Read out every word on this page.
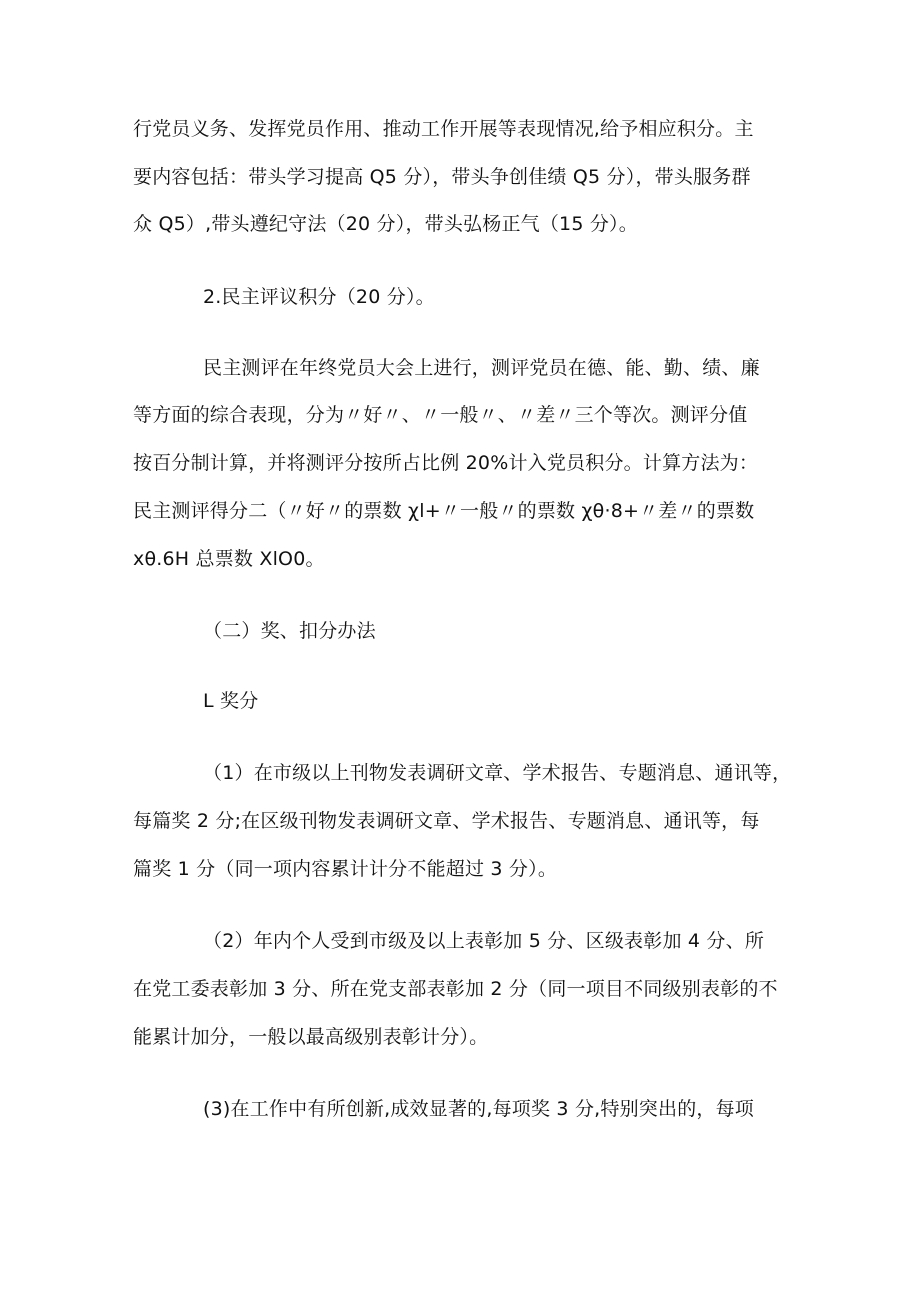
行党员义务、发挥党员作用、推动工作开展等表现情况,给予相应积分。主
要内容包括：带头学习提高 Q5 分），带头争创佳绩 Q5 分），带头服务群
众 Q5）,带头遵纪守法（20 分），带头弘杨正气（15 分）。
2.民主评议积分（20 分）。
民主测评在年终党员大会上进行，测评党员在德、能、勤、绩、廉
等方面的综合表现，分为〃好〃、〃一般〃、〃差〃三个等次。测评分值
按百分制计算，并将测评分按所占比例 20%计入党员积分。计算方法为：
民主测评得分二（〃好〃的票数 χl+〃一般〃的票数 χθ·8+〃差〃的票数
xθ.6H 总票数 XlO0。
（二）奖、扣分办法
L 奖分
（1）在市级以上刊物发表调研文章、学术报告、专题消息、通讯等，
每篇奖 2 分;在区级刊物发表调研文章、学术报告、专题消息、通讯等，每
篇奖 1 分（同一项内容累计计分不能超过 3 分）。
（2）年内个人受到市级及以上表彰加 5 分、区级表彰加 4 分、所
在党工委表彰加 3 分、所在党支部表彰加 2 分（同一项目不同级别表彰的不
能累计加分，一般以最高级别表彰计分）。
(3)在工作中有所创新,成效显著的,每项奖 3 分,特别突出的，每项
